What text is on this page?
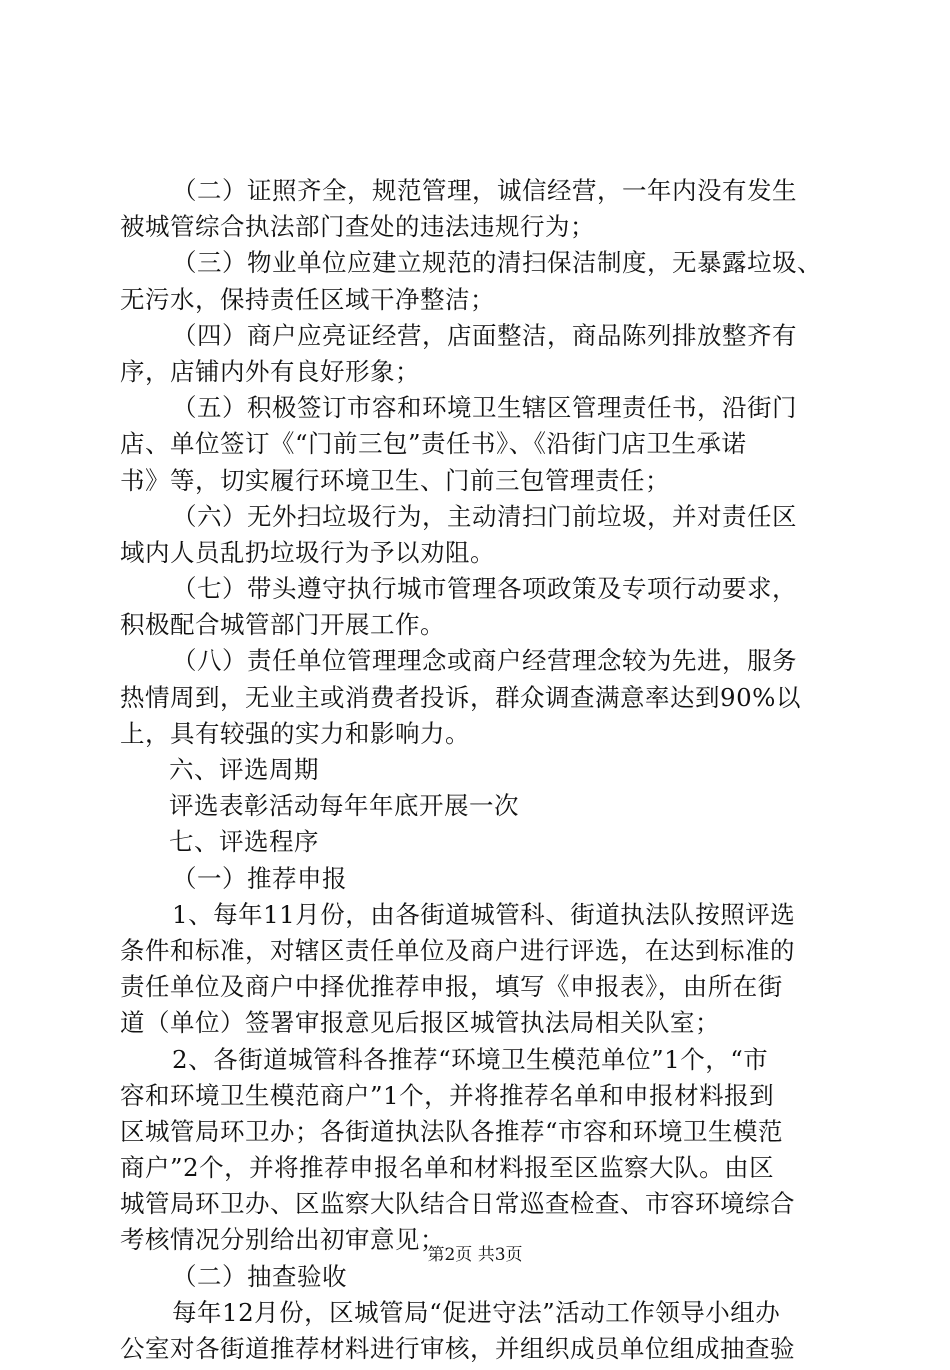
（二）证照齐全，规范管理，诚信经营，一年内没有发生
被城管综合执法部门查处的违法违规行为；
（三）物业单位应建立规范的清扫保洁制度，无暴露垃圾、
无污水，保持责任区域干净整洁；
（四）商户应亮证经营，店面整洁，商品陈列排放整齐有
序，店铺内外有良好形象；
（五）积极签订市容和环境卫生辖区管理责任书，沿街门
店、单位签订《“门前三包”责任书》、《沿街门店卫生承诺
书》等，切实履行环境卫生、门前三包管理责任；
（六）无外扫垃圾行为，主动清扫门前垃圾，并对责任区
域内人员乱扔垃圾行为予以劝阻。
（七）带头遵守执行城市管理各项政策及专项行动要求，
积极配合城管部门开展工作。
（八）责任单位管理理念或商户经营理念较为先进，服务
热情周到，无业主或消费者投诉，群众调查满意率达到90%以
上，具有较强的实力和影响力。
六、评选周期
评选表彰活动每年年底开展一次
七、评选程序
（一）推荐申报
1、每年11月份，由各街道城管科、街道执法队按照评选
条件和标准，对辖区责任单位及商户进行评选，在达到标准的
责任单位及商户中择优推荐申报，填写《申报表》，由所在街
道（单位）签署审报意见后报区城管执法局相关队室；
2、各街道城管科各推荐“环境卫生模范单位”1个，“市
容和环境卫生模范商户”1个，并将推荐名单和申报材料报到
区城管局环卫办；各街道执法队各推荐“市容和环境卫生模范
商户”2个，并将推荐申报名单和材料报至区监察大队。由区
城管局环卫办、区监察大队结合日常巡查检查、市容环境综合
考核情况分别给出初审意见；
（二）抽查验收
每年12月份，区城管局“促进守法”活动工作领导小组办
公室对各街道推荐材料进行审核，并组织成员单位组成抽查验
第2页 共3页
